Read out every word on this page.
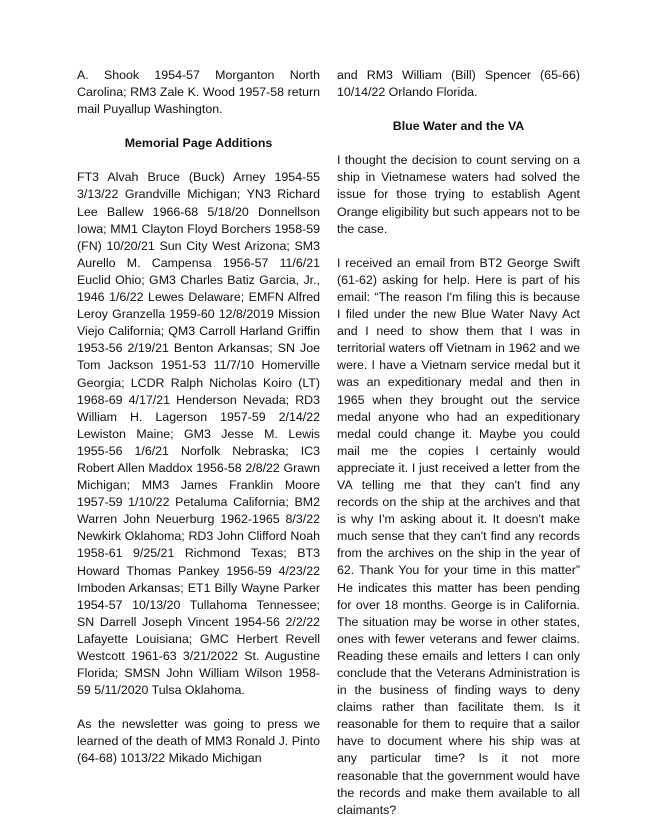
A. Shook 1954-57 Morganton North Carolina; RM3 Zale K. Wood 1957-58 return mail Puyallup Washington.

Memorial Page Additions

FT3 Alvah Bruce (Buck) Arney 1954-55 3/13/22 Grandville Michigan; YN3 Richard Lee Ballew 1966-68 5/18/20 Donnellson Iowa; MM1 Clayton Floyd Borchers 1958-59 (FN) 10/20/21 Sun City West Arizona; SM3 Aurello M. Campensa 1956-57 11/6/21 Euclid Ohio; GM3 Charles Batiz Garcia, Jr., 1946 1/6/22 Lewes Delaware; EMFN Alfred Leroy Granzella 1959-60 12/8/2019 Mission Viejo California; QM3 Carroll Harland Griffin 1953-56 2/19/21 Benton Arkansas; SN Joe Tom Jackson 1951-53 11/7/10 Homerville Georgia; LCDR Ralph Nicholas Koiro (LT) 1968-69 4/17/21 Henderson Nevada; RD3 William H. Lagerson 1957-59 2/14/22 Lewiston Maine; GM3 Jesse M. Lewis 1955-56 1/6/21 Norfolk Nebraska; IC3 Robert Allen Maddox 1956-58 2/8/22 Grawn Michigan; MM3 James Franklin Moore 1957-59 1/10/22 Petaluma California; BM2 Warren John Neuerburg 1962-1965 8/3/22 Newkirk Oklahoma; RD3 John Clifford Noah 1958-61 9/25/21 Richmond Texas; BT3 Howard Thomas Pankey 1956-59 4/23/22 Imboden Arkansas; ET1 Billy Wayne Parker 1954-57 10/13/20 Tullahoma Tennessee; SN Darrell Joseph Vincent 1954-56 2/2/22 Lafayette Louisiana; GMC Herbert Revell Westcott 1961-63 3/21/2022 St. Augustine Florida; SMSN John William Wilson 1958-59 5/11/2020 Tulsa Oklahoma.

As the newsletter was going to press we learned of the death of MM3 Ronald J. Pinto (64-68) 1013/22 Mikado Michigan

and RM3 William (Bill) Spencer (65-66) 10/14/22 Orlando Florida.

Blue Water and the VA

I thought the decision to count serving on a ship in Vietnamese waters had solved the issue for those trying to establish Agent Orange eligibility but such appears not to be the case.

I received an email from BT2 George Swift (61-62) asking for help. Here is part of his email: “The reason I'm filing this is because I filed under the new Blue Water Navy Act and I need to show them that I was in territorial waters off Vietnam in 1962 and we were. I have a Vietnam service medal but it was an expeditionary medal and then in 1965 when they brought out the service medal anyone who had an expeditionary medal could change it. Maybe you could mail me the copies I certainly would appreciate it. I just received a letter from the VA telling me that they can't find any records on the ship at the archives and that is why I'm asking about it. It doesn't make much sense that they can't find any records from the archives on the ship in the year of 62. Thank You for your time in this matter” He indicates this matter has been pending for over 18 months. George is in California. The situation may be worse in other states, ones with fewer veterans and fewer claims. Reading these emails and letters I can only conclude that the Veterans Administration is in the business of finding ways to deny claims rather than facilitate them. Is it reasonable for them to require that a sailor have to document where his ship was at any particular time? Is it not more reasonable that the government would have the records and make them available to all claimants?
